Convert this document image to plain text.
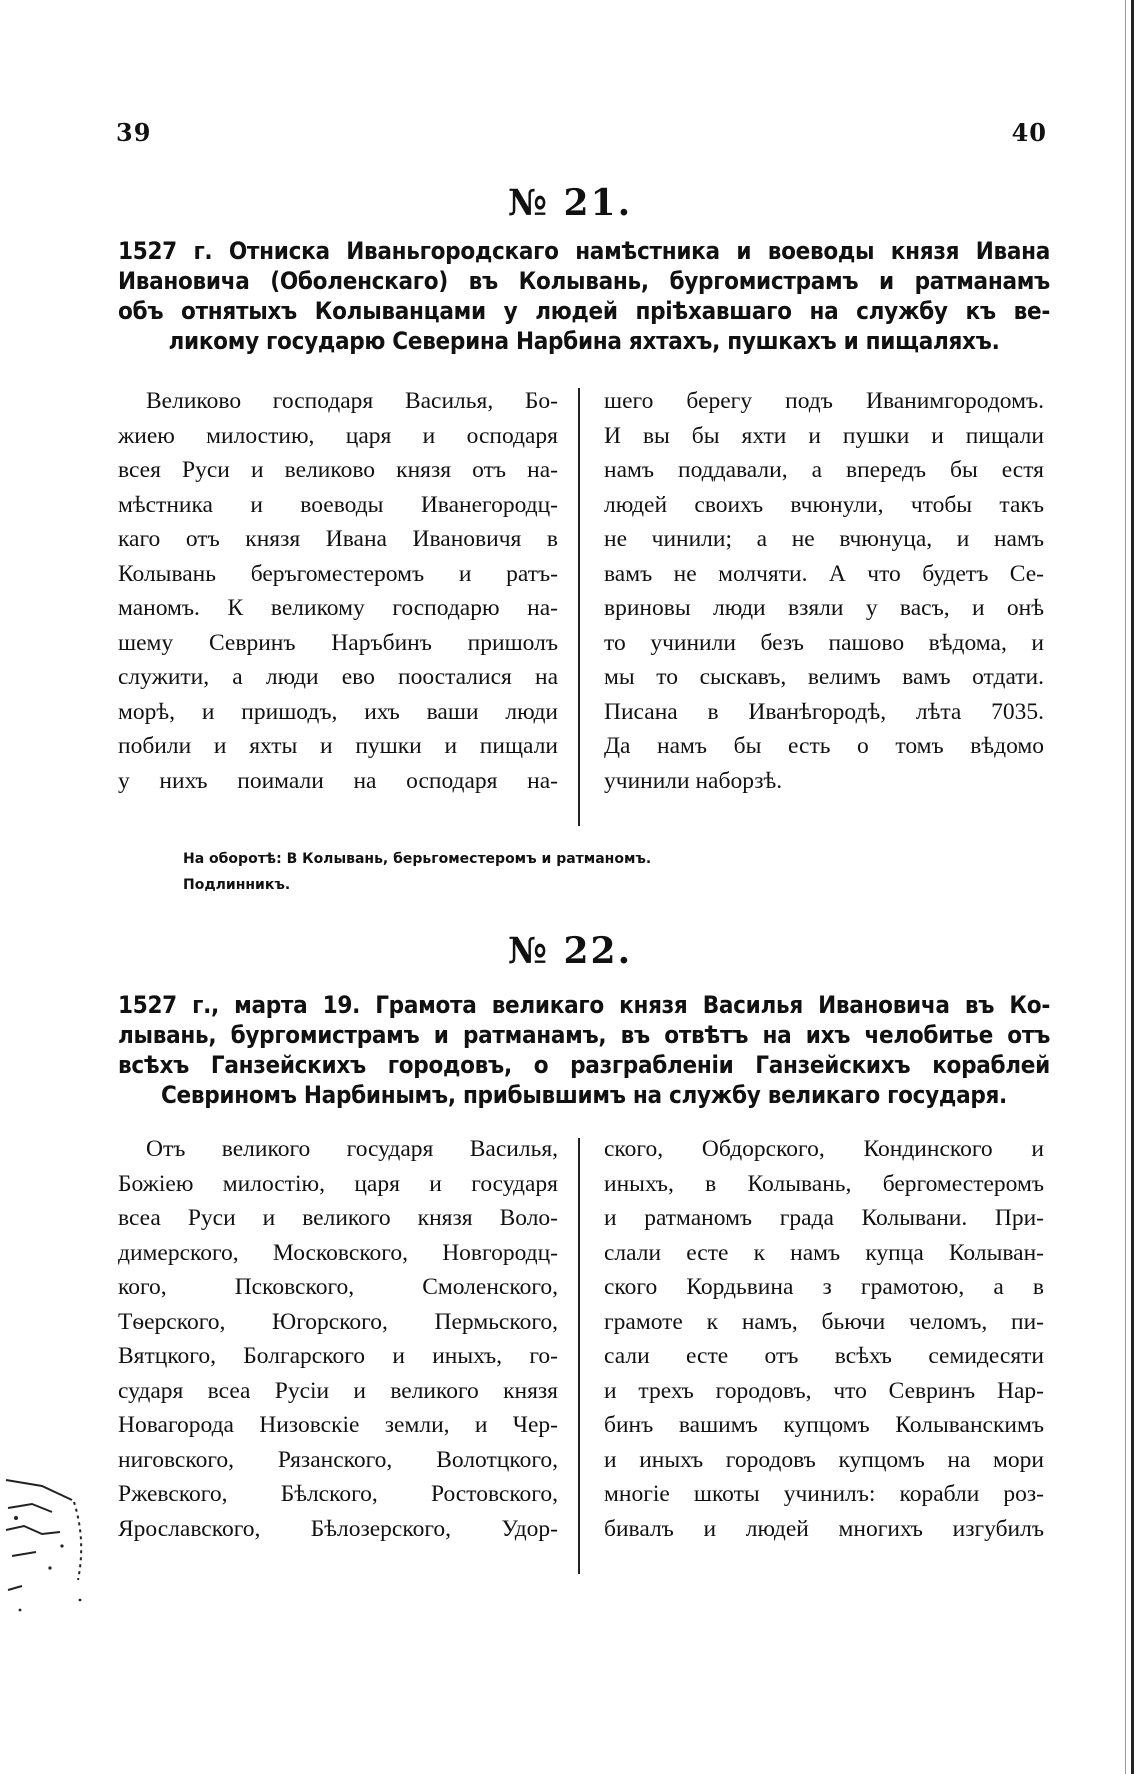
39	40
№ 21.
1527 г. Отниска Иваньгородскаго намѣстника и воеводы князя Ивана
Ивановича (Оболенскаго) въ Колывань, бургомистрамъ и ратманамъ
объ отнятыхъ Колыванцами у людей прiѣхавшаго на службу къ ве-
ликому государю Северина Нарбина яхтахъ, пушкахъ и пищаляхъ.
Великово господаря Василья, Бо-
жиею милостию, царя и осподаря
всея Руси и великово князя отъ на-
мѣстника и воеводы Иванегородц-
каго отъ князя Ивана Ивановичя в
Колывань беръгоместеромъ и ратъ-
маномъ. К великому господарю на-
шему Севринъ Наръбинъ пришолъ
служити, а люди ево поосталися на
морѣ, и пришодъ, ихъ ваши люди
побили и яхты и пушки и пищали
у нихъ поимали на осподаря на-
шего берегу подъ Иванимгородомъ.
И вы бы яхти и пушки и пищали
намъ поддавали, а впередъ бы естя
людей своихъ вчюнули, чтобы такъ
не чинили; а не вчюнуца, и намъ
вамъ не молчяти. А что будетъ Се-
вриновы люди взяли у васъ, и онѣ
то учинили безъ пашово вѣдома, и
мы то сыскавъ, велимъ вамъ отдати.
Писана в Иванѣгородѣ, лѣта 7035.
Да намъ бы есть о томъ вѣдомо
учинили наборзѣ.
На оборотѣ: В Колывань, берьгоместеромъ и ратманомъ.
Подлинникъ.
№ 22.
1527 г., марта 19. Грамота великаго князя Василья Ивановича въ Ко-
лывань, бургомистрамъ и ратманамъ, въ отвѣтъ на ихъ челобитье отъ
всѣхъ Ганзейскихъ городовъ, о разграбленiи Ганзейскихъ кораблей
Севриномъ Нарбинымъ, прибывшимъ на службу великаго государя.
Отъ великого государя Василья,
Божiею милостiю, царя и государя
всеа Руси и великого князя Воло-
димерского, Московского, Новгородц-
кого, Псковского, Смоленского,
Тѳерского, Югорского, Пермьского,
Вятцкого, Болгарского и иныхъ, го-
сударя всеа Русiи и великого князя
Новагорода Низовскiе земли, и Чер-
ниговского, Рязанского, Волотцкого,
Ржевского, Бѣлского, Ростовского,
Ярославского, Бѣлозерского, Удор-
ского, Обдорского, Кондинского и
иныхъ, в Колывань, бергоместеромъ
и ратманомъ града Колывани. При-
слали есте к намъ купца Колыван-
ского Кордьвина з грамотою, а в
грамоте к намъ, бьючи челомъ, пи-
сали есте отъ всѣхъ семидесяти
и трехъ городовъ, что Севринъ Нар-
бинъ вашимъ купцомъ Колыванскимъ
и иныхъ городовъ купцомъ на мори
многiе шкоты учинилъ: корабли роз-
бивалъ и людей многихъ изгубилъ
